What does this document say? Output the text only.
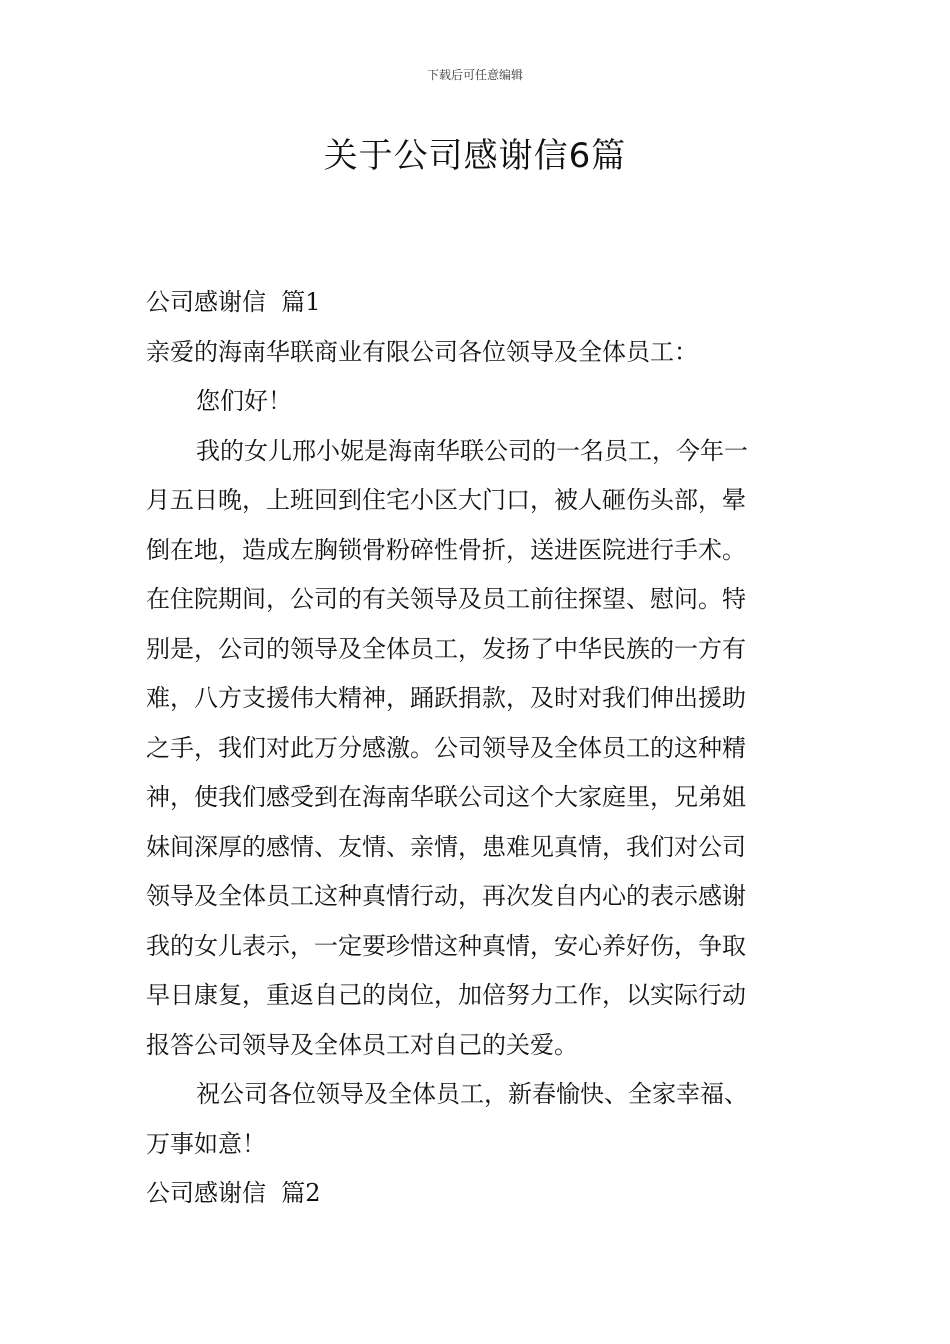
下载后可任意编辑
关于公司感谢信6篇

公司感谢信  篇1

亲爱的海南华联商业有限公司各位领导及全体员工：

您们好！

我的女儿邢小妮是海南华联公司的一名员工，今年一

月五日晚，上班回到住宅小区大门口，被人砸伤头部，晕

倒在地，造成左胸锁骨粉碎性骨折，送进医院进行手术。

在住院期间，公司的有关领导及员工前往探望、慰问。特

别是，公司的领导及全体员工，发扬了中华民族的一方有

难，八方支援伟大精神，踊跃捐款，及时对我们伸出援助

之手，我们对此万分感激。公司领导及全体员工的这种精

神，使我们感受到在海南华联公司这个大家庭里，兄弟姐

妹间深厚的感情、友情、亲情，患难见真情，我们对公司

领导及全体员工这种真情行动，再次发自内心的表示感谢

我的女儿表示，一定要珍惜这种真情，安心养好伤，争取

早日康复，重返自己的岗位，加倍努力工作，以实际行动

报答公司领导及全体员工对自己的关爱。

祝公司各位领导及全体员工，新春愉快、全家幸福、

万事如意！

公司感谢信  篇2
